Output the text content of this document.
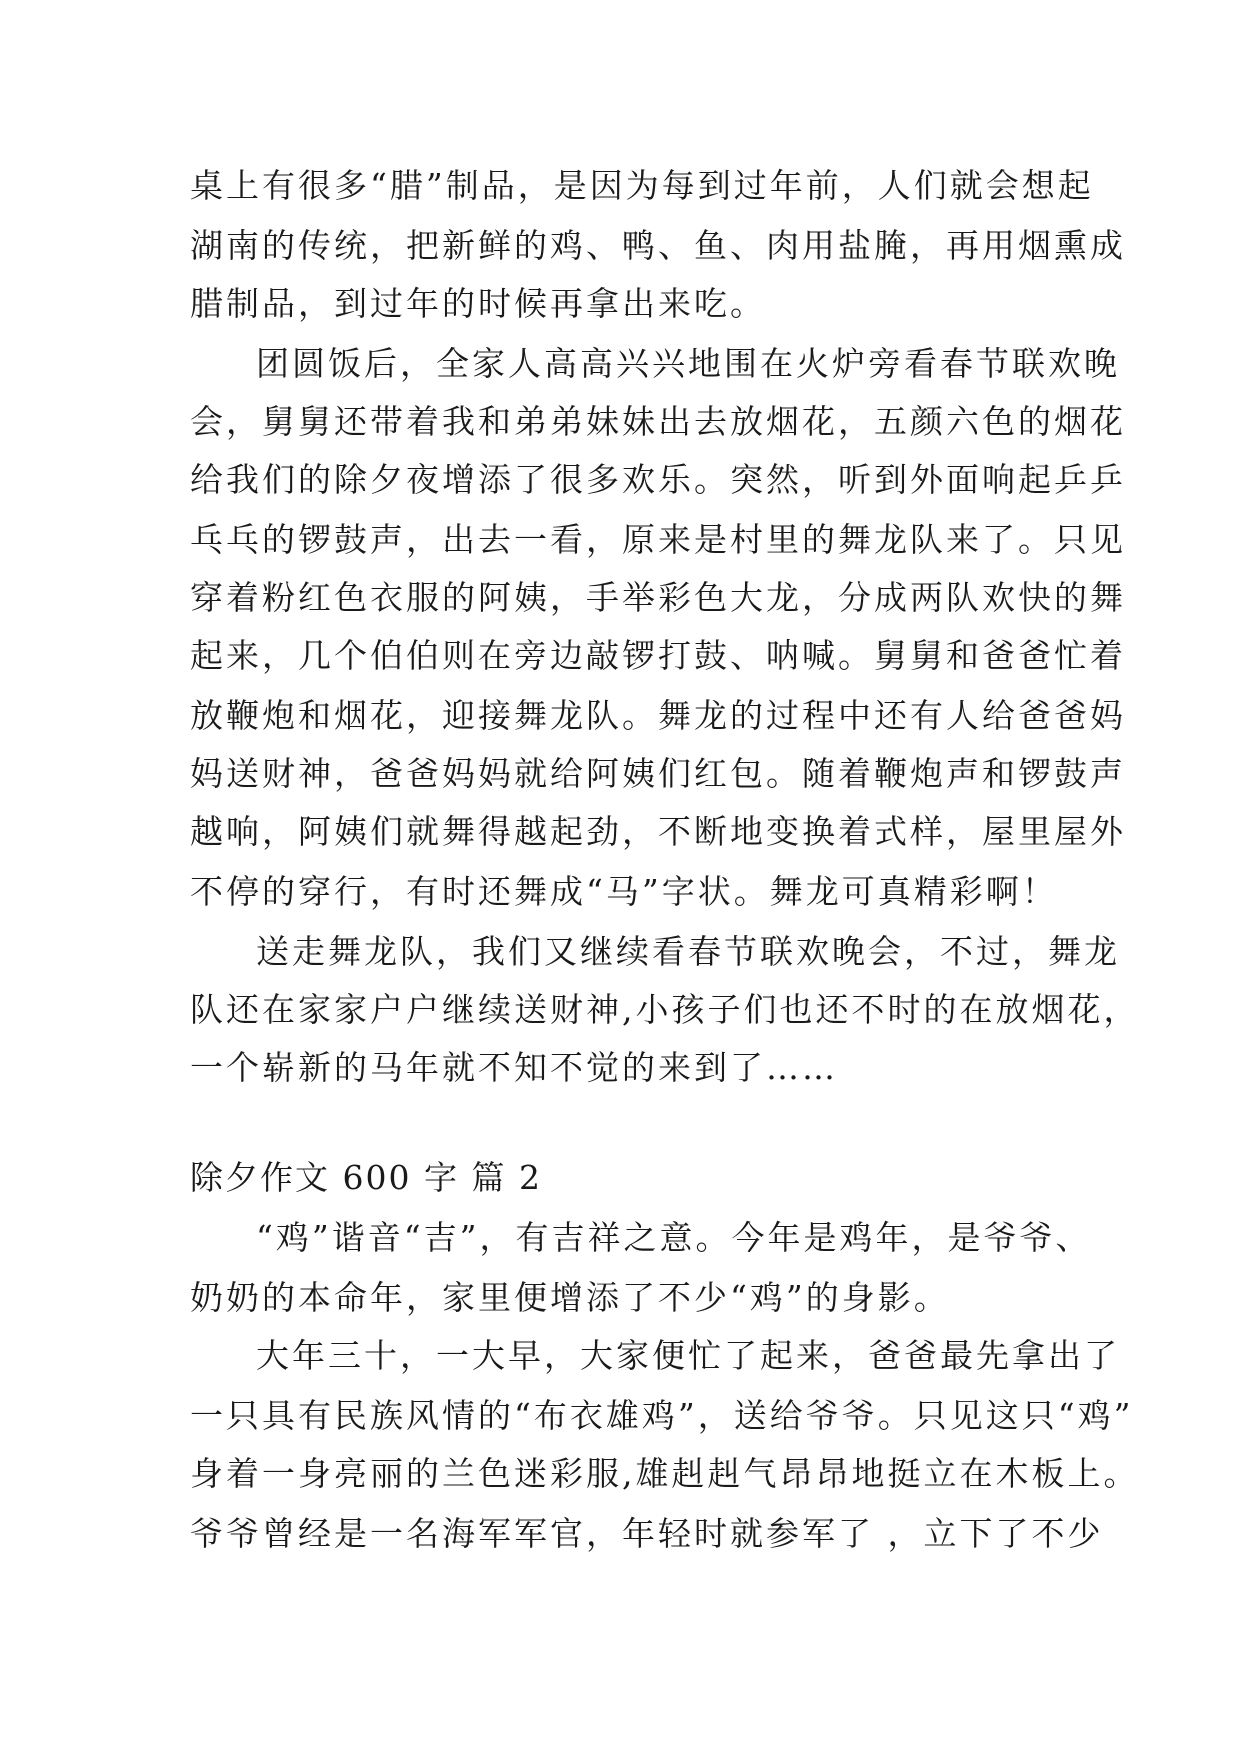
桌上有很多“腊”制品，是因为每到过年前，人们就会想起
湖南的传统，把新鲜的鸡、鸭、鱼、肉用盐腌，再用烟熏成
腊制品，到过年的时候再拿出来吃。
团圆饭后，全家人高高兴兴地围在火炉旁看春节联欢晚
会，舅舅还带着我和弟弟妹妹出去放烟花，五颜六色的烟花
给我们的除夕夜增添了很多欢乐。突然，听到外面响起乒乒
乓乓的锣鼓声，出去一看，原来是村里的舞龙队来了。只见
穿着粉红色衣服的阿姨，手举彩色大龙，分成两队欢快的舞
起来，几个伯伯则在旁边敲锣打鼓、呐喊。舅舅和爸爸忙着
放鞭炮和烟花，迎接舞龙队。舞龙的过程中还有人给爸爸妈
妈送财神，爸爸妈妈就给阿姨们红包。随着鞭炮声和锣鼓声
越响，阿姨们就舞得越起劲，不断地变换着式样，屋里屋外
不停的穿行，有时还舞成“马”字状。舞龙可真精彩啊！
送走舞龙队，我们又继续看春节联欢晚会，不过，舞龙
队还在家家户户继续送财神,小孩子们也还不时的在放烟花，
一个崭新的马年就不知不觉的来到了……
除夕作文 600 字 篇 2
“鸡”谐音“吉”，有吉祥之意。今年是鸡年，是爷爷、
奶奶的本命年，家里便增添了不少“鸡”的身影。
大年三十，一大早，大家便忙了起来，爸爸最先拿出了
一只具有民族风情的“布衣雄鸡”，送给爷爷。只见这只“鸡”
身着一身亮丽的兰色迷彩服,雄赳赳气昂昂地挺立在木板上。
爷爷曾经是一名海军军官，年轻时就参军了 ，立下了不少
